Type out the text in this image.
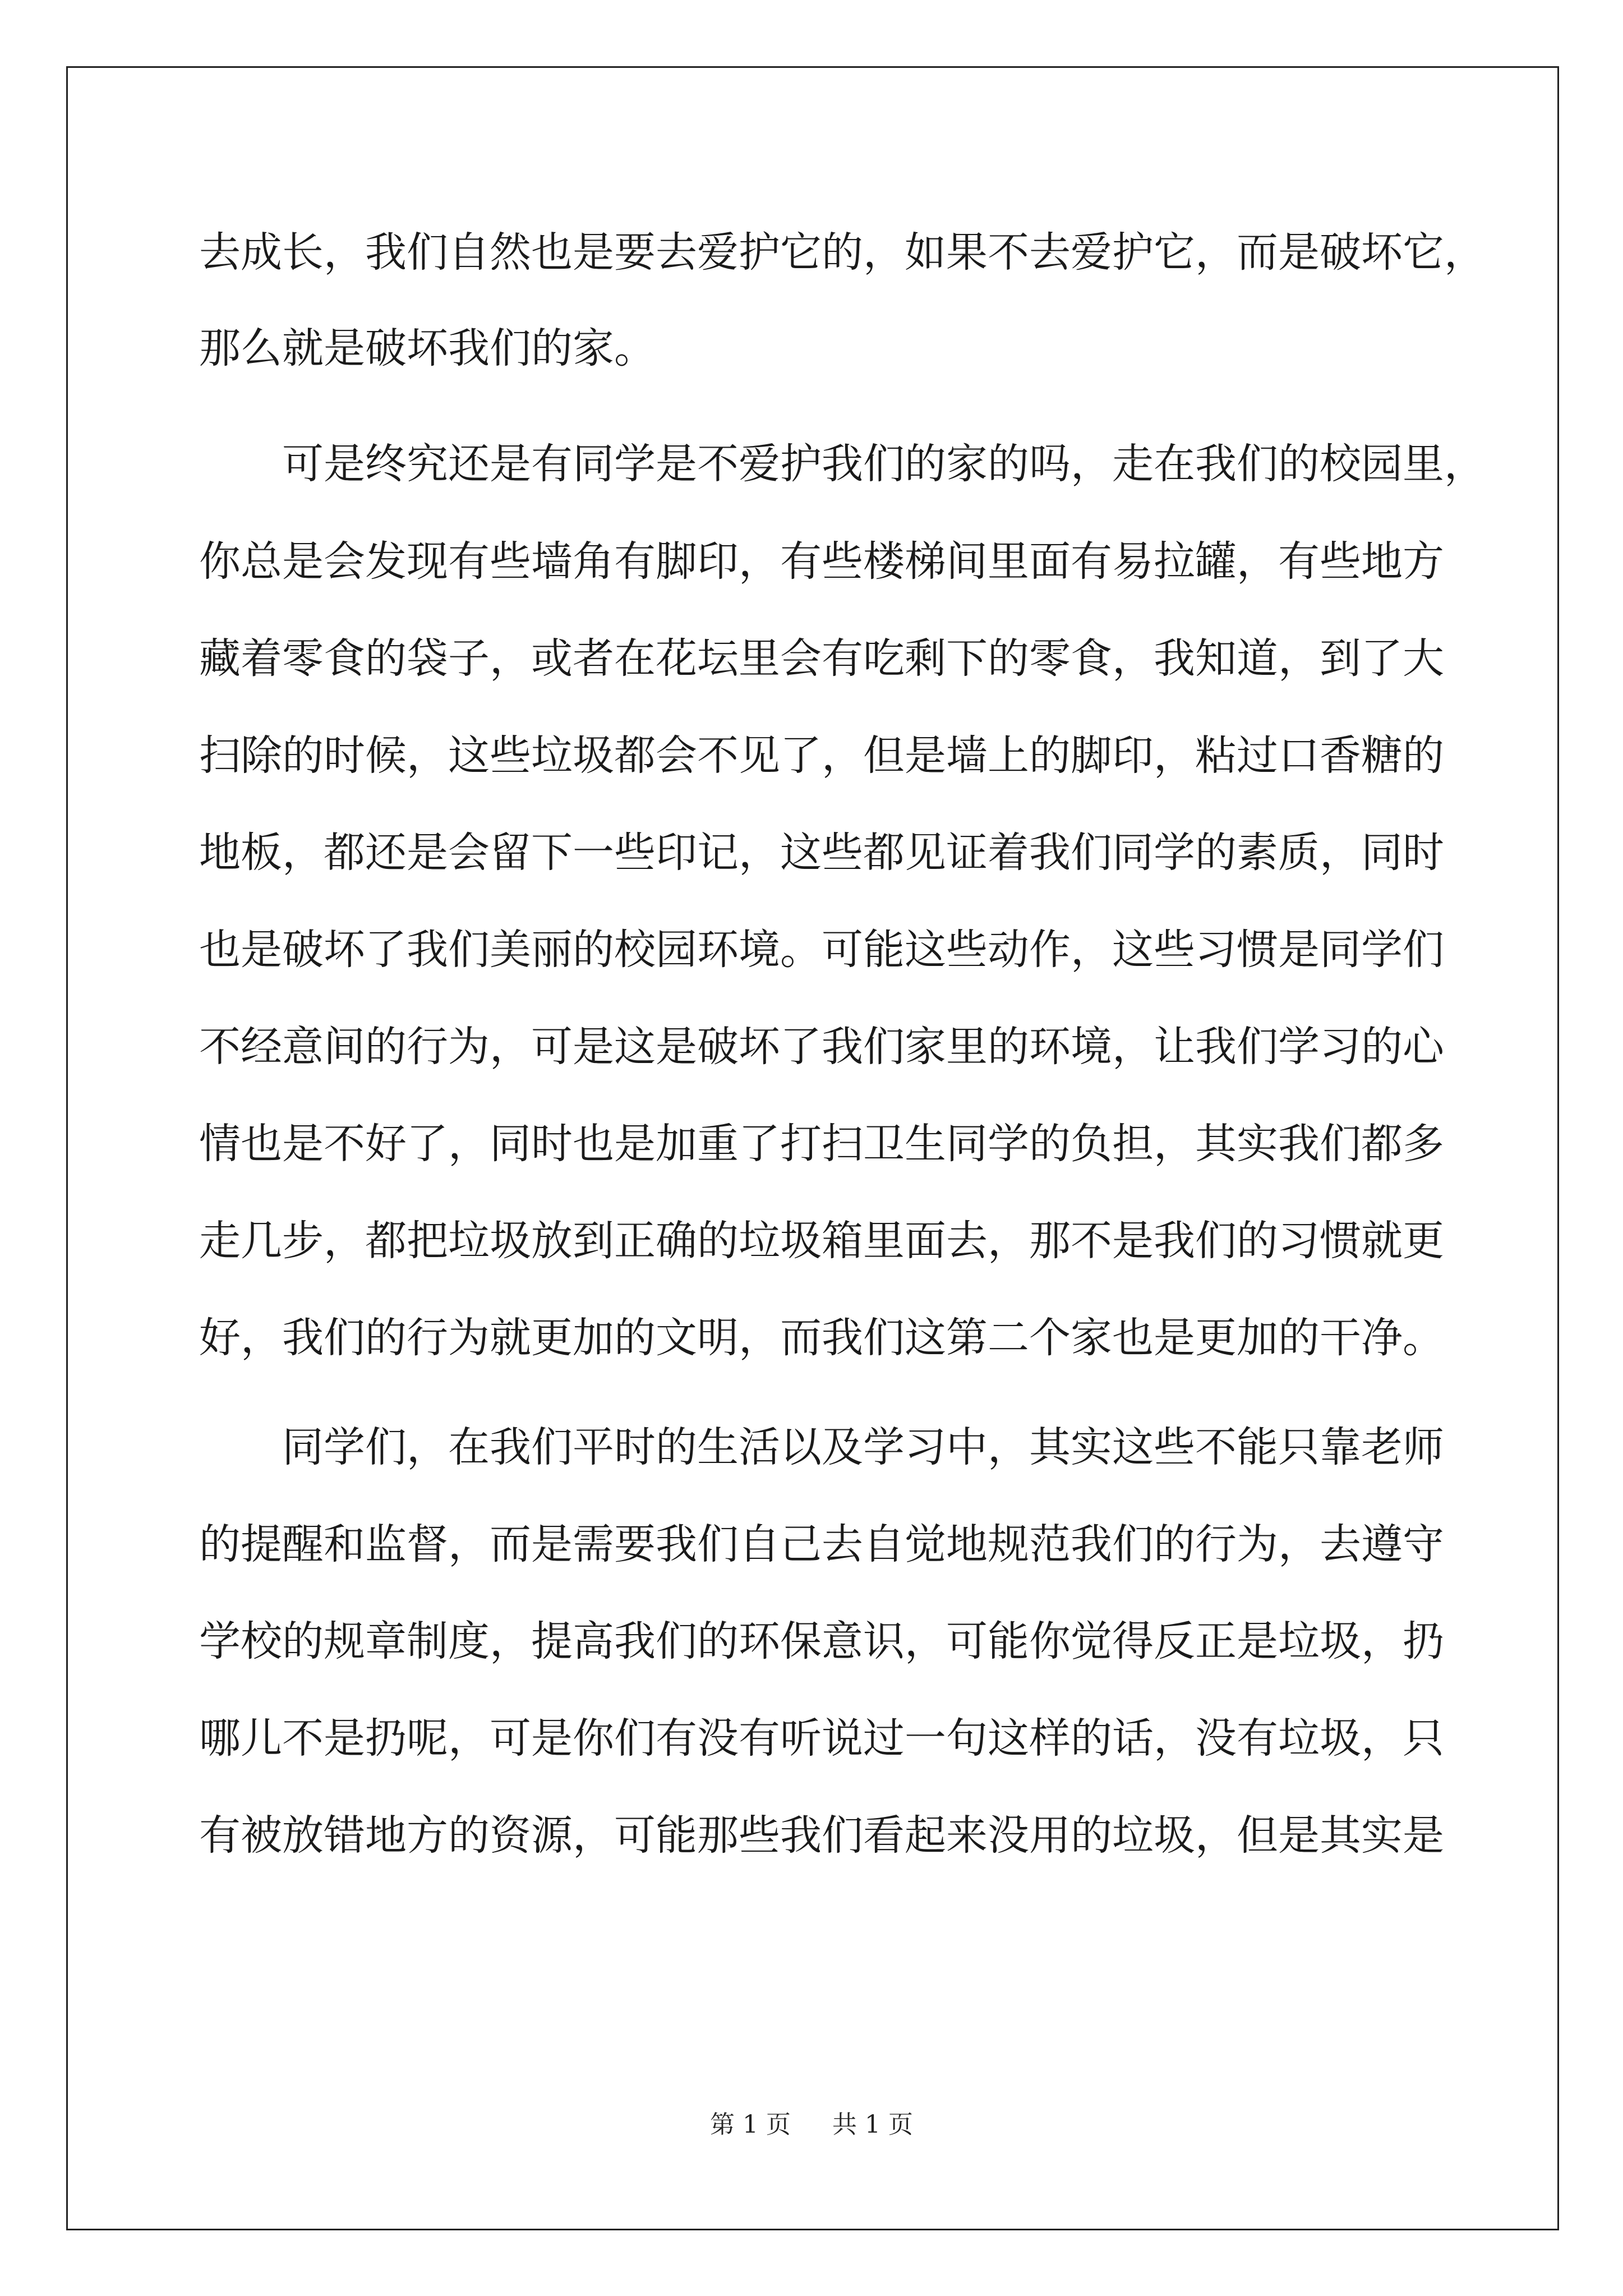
去成长，我们自然也是要去爱护它的，如果不去爱护它，而是破坏它，

那么就是破坏我们的家。

可是终究还是有同学是不爱护我们的家的吗，走在我们的校园里，

你总是会发现有些墙角有脚印，有些楼梯间里面有易拉罐，有些地方

藏着零食的袋子，或者在花坛里会有吃剩下的零食，我知道，到了大

扫除的时候，这些垃圾都会不见了，但是墙上的脚印，粘过口香糖的

地板，都还是会留下一些印记，这些都见证着我们同学的素质，同时

也是破坏了我们美丽的校园环境。可能这些动作，这些习惯是同学们

不经意间的行为，可是这是破坏了我们家里的环境，让我们学习的心

情也是不好了，同时也是加重了打扫卫生同学的负担，其实我们都多

走几步，都把垃圾放到正确的垃圾箱里面去，那不是我们的习惯就更

好，我们的行为就更加的文明，而我们这第二个家也是更加的干净。

同学们，在我们平时的生活以及学习中，其实这些不能只靠老师

的提醒和监督，而是需要我们自己去自觉地规范我们的行为，去遵守

学校的规章制度，提高我们的环保意识，可能你觉得反正是垃圾，扔

哪儿不是扔呢，可是你们有没有听说过一句这样的话，没有垃圾，只

有被放错地方的资源，可能那些我们看起来没用的垃圾，但是其实是

第 1 页 共 1 页
